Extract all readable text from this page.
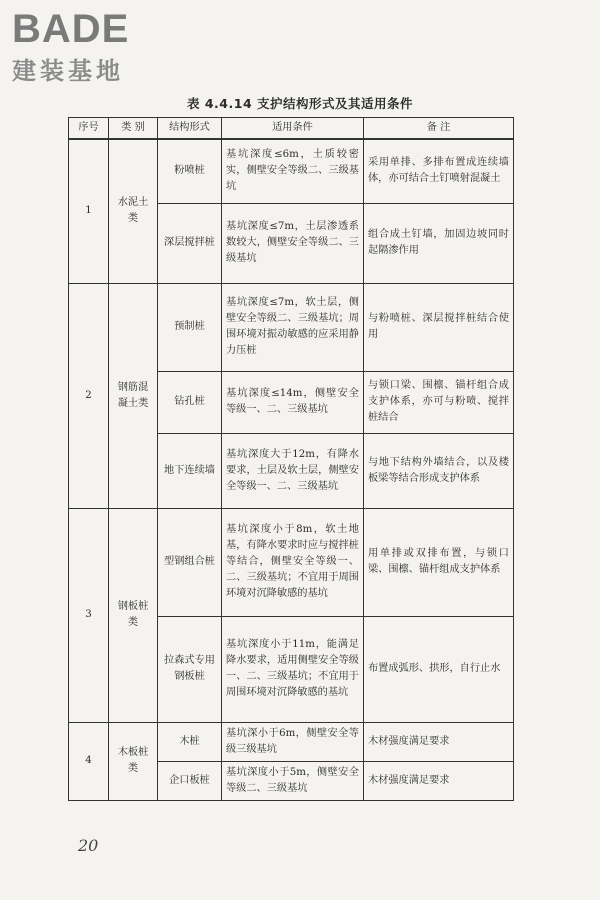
BADE
建装基地
表 4.4.14 支护结构形式及其适用条件
序号	类 别	结构形式	适用条件	备 注
1	水泥土类	粉喷桩	基坑深度≤6m，土质较密实，侧壁安全等级二、三级基坑	采用单排、多排布置成连续墙体，亦可结合土钉喷射混凝土
		深层搅拌桩	基坑深度≤7m，土层渗透系数较大，侧壁安全等级二、三级基坑	组合成土钉墙，加固边坡同时起隔渗作用
2	钢筋混凝土类	预制桩	基坑深度≤7m，软土层，侧壁安全等级二、三级基坑；周围环境对振动敏感的应采用静力压桩	与粉喷桩、深层搅拌桩结合使用
		钻孔桩	基坑深度≤14m，侧壁安全等级一、二、三级基坑	与锁口梁、围檩、锚杆组合成支护体系，亦可与粉喷、搅拌桩结合
		地下连续墙	基坑深度大于12m，有降水要求，土层及软土层，侧壁安全等级一、二、三级基坑	与地下结构外墙结合，以及楼板梁等结合形成支护体系
3	钢板桩类	型钢组合桩	基坑深度小于8m，软土地基，有降水要求时应与搅拌桩等结合，侧壁安全等级一、二、三级基坑；不宜用于周围环境对沉降敏感的基坑	用单排或双排布置，与锁口梁、围檩、锚杆组成支护体系
		拉森式专用钢板桩	基坑深度小于11m，能满足降水要求，适用侧壁安全等级一、二、三级基坑；不宜用于周围环境对沉降敏感的基坑	布置成弧形、拱形，自行止水
4	木板桩类	木桩	基坑深小于6m，侧壁安全等级三级基坑	木材强度满足要求
		企口板桩	基坑深度小于5m，侧壁安全等级二、三级基坑	木材强度满足要求
20
